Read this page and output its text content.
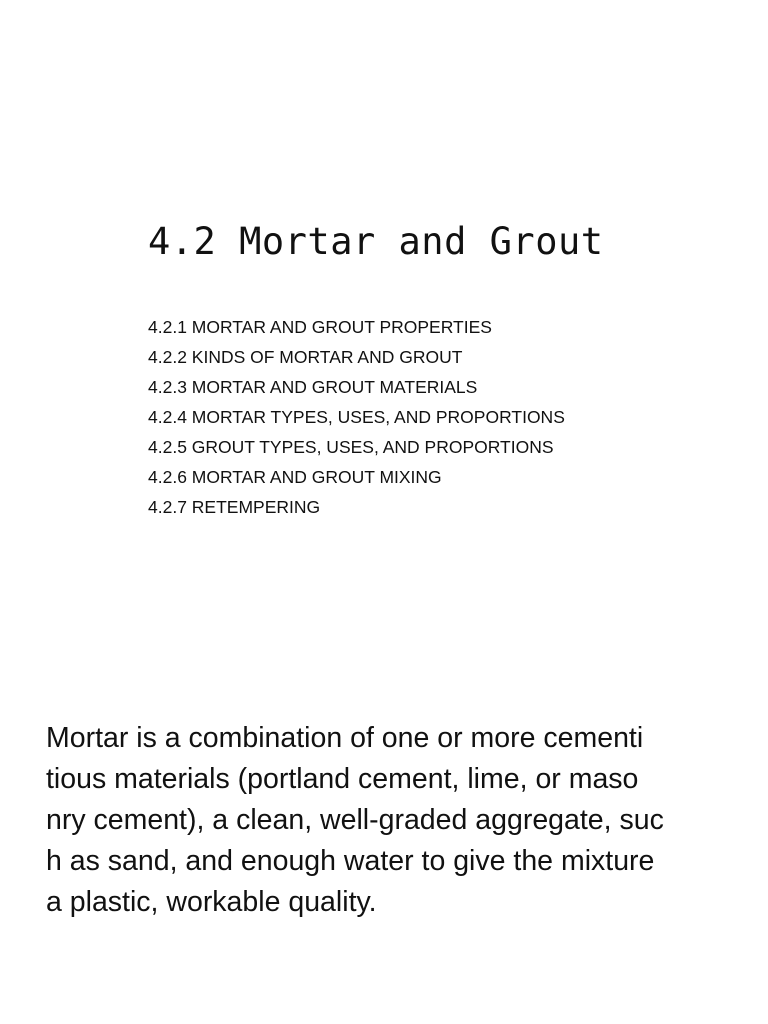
4.2 Mortar and Grout
4.2.1 MORTAR AND GROUT PROPERTIES
4.2.2 KINDS OF MORTAR AND GROUT
4.2.3 MORTAR AND GROUT MATERIALS
4.2.4 MORTAR TYPES, USES, AND PROPORTIONS
4.2.5 GROUT TYPES, USES, AND PROPORTIONS
4.2.6 MORTAR AND GROUT MIXING
4.2.7 RETEMPERING

Mortar is a combination of one or more cementi
tious materials (portland cement, lime, or maso
nry cement), a clean, well-graded aggregate, suc
h as sand, and enough water to give the mixture
a plastic, workable quality.
